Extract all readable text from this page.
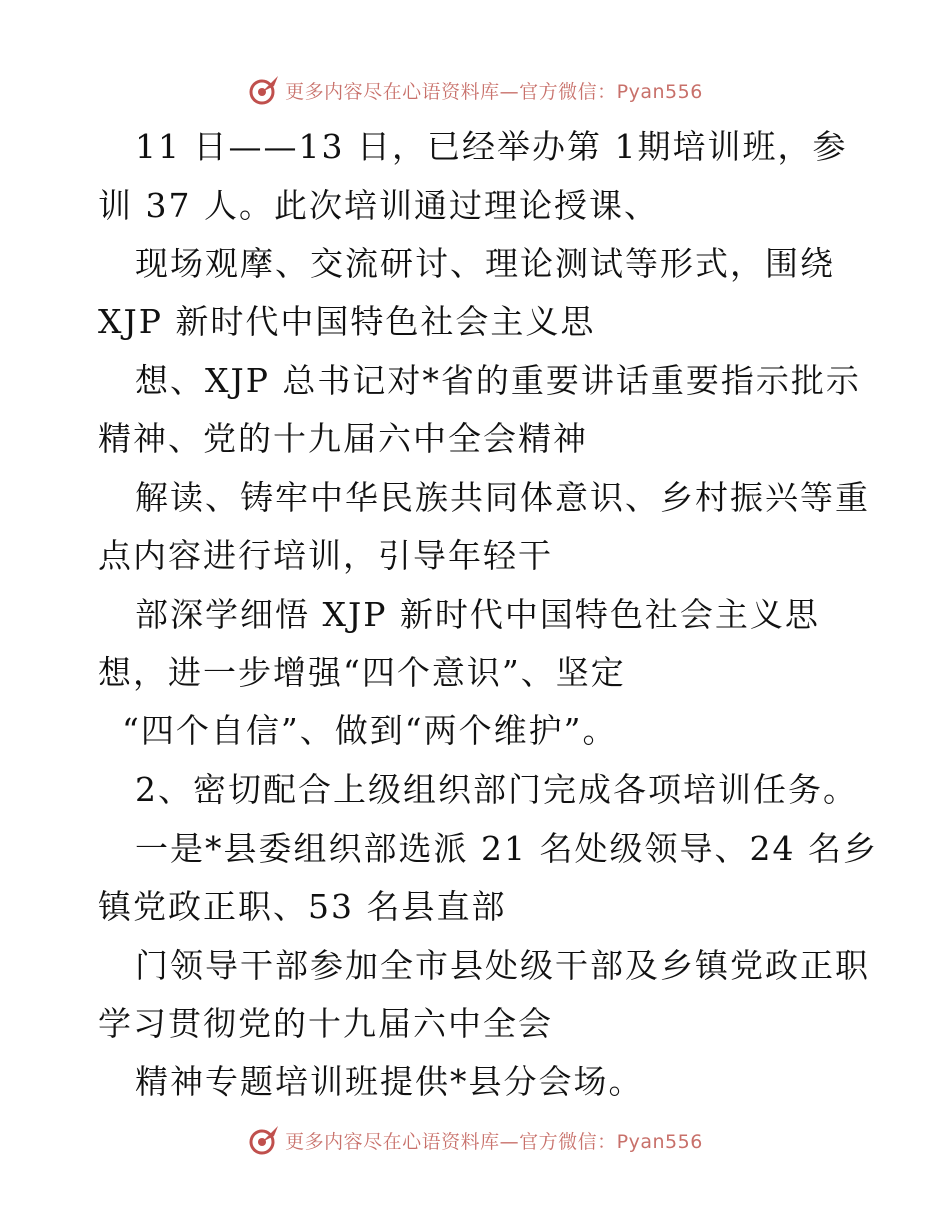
更多内容尽在心语资料库—官方微信：Pyan556
11 日——13 日，已经举办第 1期培训班，参
训 37 人。此次培训通过理论授课、
现场观摩、交流研讨、理论测试等形式，围绕
XJP 新时代中国特色社会主义思
想、XJP 总书记对*省的重要讲话重要指示批示
精神、党的十九届六中全会精神
解读、铸牢中华民族共同体意识、乡村振兴等重
点内容进行培训，引导年轻干
部深学细悟 XJP 新时代中国特色社会主义思
想，进一步增强“四个意识”、坚定
“四个自信”、做到“两个维护”。
2、密切配合上级组织部门完成各项培训任务。
一是*县委组织部选派 21 名处级领导、24 名乡
镇党政正职、53 名县直部
门领导干部参加全市县处级干部及乡镇党政正职
学习贯彻党的十九届六中全会
精神专题培训班提供*县分会场。
更多内容尽在心语资料库—官方微信：Pyan556
